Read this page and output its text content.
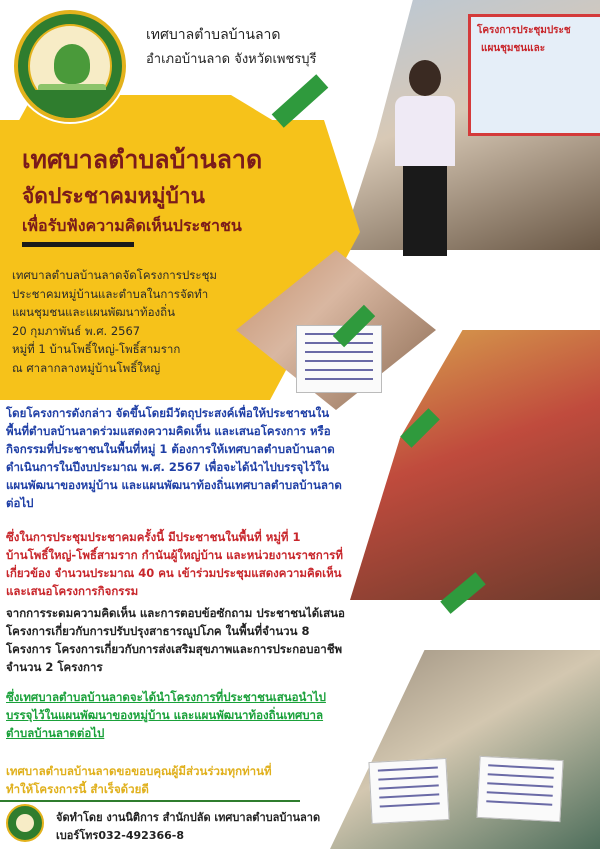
โครงการประชุมประช
แผนชุมชนและ
เทศบาลตำบลบ้านลาด
อำเภอบ้านลาด จังหวัดเพชรบุรี
เทศบาลตำบลบ้านลาด
จัดประชาคมหมู่บ้าน
เพื่อรับฟังความคิดเห็นประชาชน
เทศบาลตำบลบ้านลาดจัดโครงการประชุม
ประชาคมหมู่บ้านและตำบลในการจัดทำ
แผนชุมชนและแผนพัฒนาท้องถิ่น
20 กุมภาพันธ์ พ.ศ. 2567
หมู่ที่ 1 บ้านโพธิ์ใหญ่-โพธิ์สามราก
ณ ศาลากลางหมู่บ้านโพธิ์ใหญ่
โดยโครงการดังกล่าว จัดขึ้นโดยมีวัตถุประสงค์เพื่อให้ประชาชนในพื้นที่ตำบลบ้านลาดร่วมแสดงความคิดเห็น และเสนอโครงการ หรือกิจกรรมที่ประชาชนในพื้นที่หมู่ 1 ต้องการให้เทศบาลตำบลบ้านลาดดำเนินการในปีงบประมาณ พ.ศ. 2567 เพื่อจะได้นำไปบรรจุไว้ในแผนพัฒนาของหมู่บ้าน และแผนพัฒนาท้องถิ่นเทศบาลตำบลบ้านลาดต่อไป
ซึ่งในการประชุมประชาคมครั้งนี้ มีประชาชนในพื้นที่ หมู่ที่ 1 บ้านโพธิ์ใหญ่-โพธิ์สามราก กำนันผู้ใหญ่บ้าน และหน่วยงานราชการที่เกี่ยวข้อง จำนวนประมาณ 40 คน เข้าร่วมประชุมแสดงความคิดเห็น และเสนอโครงการกิจกรรม
จากการระดมความคิดเห็น และการตอบข้อซักถาม ประชาชนได้เสนอโครงการเกี่ยวกับการปรับปรุงสาธารณูปโภค ในพื้นที่จำนวน 8 โครงการ โครงการเกี่ยวกับการส่งเสริมสุขภาพและการประกอบอาชีพ จำนวน 2 โครงการ
ซึ่งเทศบาลตำบลบ้านลาดจะได้นำโครงการที่ประชาชนเสนอนำไปบรรจุไว้ในแผนพัฒนาของหมู่บ้าน และแผนพัฒนาท้องถิ่นเทศบาลตำบลบ้านลาดต่อไป
เทศบาลตำบลบ้านลาดขอขอบคุณผู้มีส่วนร่วมทุกท่านที่ทำให้โครงการนี้ สำเร็จด้วยดี
จัดทำโดย งานนิติการ สำนักปลัด เทศบาลตำบลบ้านลาด
เบอร์โทร032-492366-8
